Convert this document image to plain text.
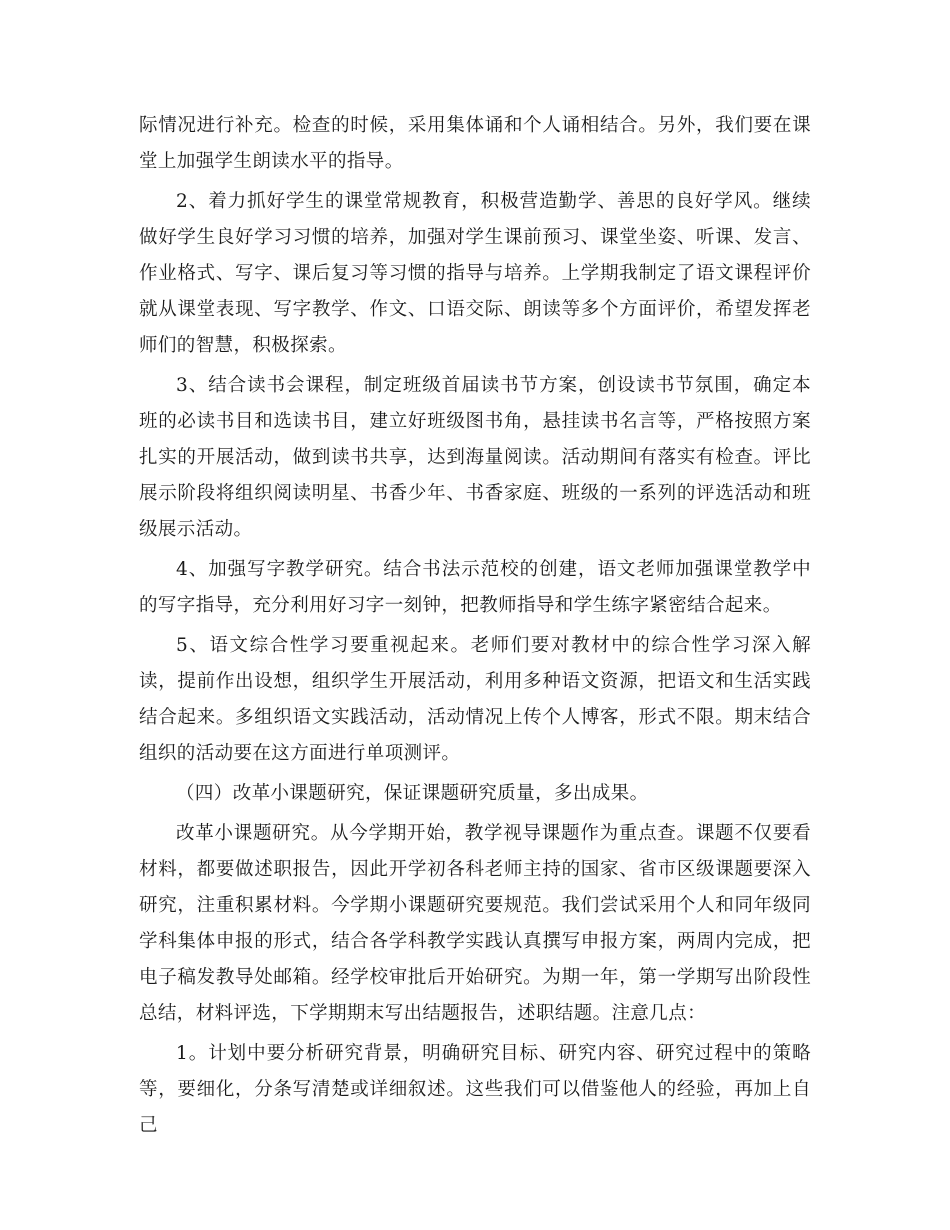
际情况进行补充。检查的时候，采用集体诵和个人诵相结合。另外，我们要在课堂上加强学生朗读水平的指导。

2、着力抓好学生的课堂常规教育，积极营造勤学、善思的良好学风。继续做好学生良好学习习惯的培养，加强对学生课前预习、课堂坐姿、听课、发言、作业格式、写字、课后复习等习惯的指导与培养。上学期我制定了语文课程评价就从课堂表现、写字教学、作文、口语交际、朗读等多个方面评价，希望发挥老师们的智慧，积极探索。

3、结合读书会课程，制定班级首届读书节方案，创设读书节氛围，确定本班的必读书目和选读书目，建立好班级图书角，悬挂读书名言等，严格按照方案扎实的开展活动，做到读书共享，达到海量阅读。活动期间有落实有检查。评比展示阶段将组织阅读明星、书香少年、书香家庭、班级的一系列的评选活动和班级展示活动。

4、加强写字教学研究。结合书法示范校的创建，语文老师加强课堂教学中的写字指导，充分利用好习字一刻钟，把教师指导和学生练字紧密结合起来。

5、语文综合性学习要重视起来。老师们要对教材中的综合性学习深入解读，提前作出设想，组织学生开展活动，利用多种语文资源，把语文和生活实践结合起来。多组织语文实践活动，活动情况上传个人博客，形式不限。期末结合组织的活动要在这方面进行单项测评。

（四）改革小课题研究，保证课题研究质量，多出成果。

改革小课题研究。从今学期开始，教学视导课题作为重点查。课题不仅要看材料，都要做述职报告，因此开学初各科老师主持的国家、省市区级课题要深入研究，注重积累材料。今学期小课题研究要规范。我们尝试采用个人和同年级同学科集体申报的形式，结合各学科教学实践认真撰写申报方案，两周内完成，把电子稿发教导处邮箱。经学校审批后开始研究。为期一年，第一学期写出阶段性总结，材料评选，下学期期末写出结题报告，述职结题。注意几点：

1。计划中要分析研究背景，明确研究目标、研究内容、研究过程中的策略等，要细化，分条写清楚或详细叙述。这些我们可以借鉴他人的经验，再加上自己
